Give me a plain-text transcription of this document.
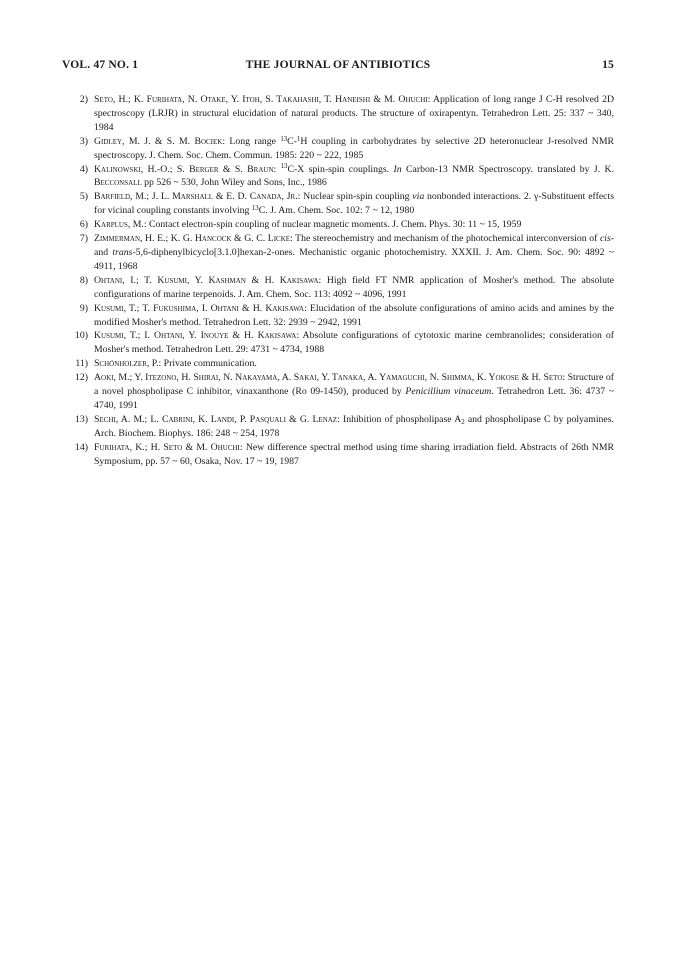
VOL. 47 NO. 1	THE JOURNAL OF ANTIBIOTICS	15
2) Seto, H.; K. Furihata, N. Otake, Y. Itoh, S. Takahashi, T. Haneishi & M. Ohuchi: Application of long range J C-H resolved 2D spectroscopy (LRJR) in structural elucidation of natural products. The structure of oxirapentyn. Tetrahedron Lett. 25: 337 ~ 340, 1984
3) Gidley, M. J. & S. M. Bociek: Long range $^{13}$C-$^1$H coupling in carbohydrates by selective 2D heteronuclear J-resolved NMR spectroscopy. J. Chem. Soc. Chem. Commun. 1985: 220 ~ 222, 1985
4) Kalinowski, H.-O.; S. Berger & S. Braun: $^{13}$C-X spin-spin couplings. In Carbon-13 NMR Spectroscopy. translated by J. K. Becconsall pp 526 ~ 530, John Wiley and Sons, Inc., 1986
5) Barfield, M.; J. L. Marshall & E. D. Canada, Jr.: Nuclear spin-spin coupling via nonbonded interactions. 2. γ-Substituent effects for vicinal coupling constants involving $^{13}$C. J. Am. Chem. Soc. 102: 7 ~ 12, 1980
6) Karplus, M.: Contact electron-spin coupling of nuclear magnetic moments. J. Chem. Phys. 30: 11 ~ 15, 1959
7) Zimmerman, H. E.; K. G. Hancock & G. C. Licke: The stereochemistry and mechanism of the photochemical interconversion of cis- and trans-5,6-diphenylbicyclo[3.1.0]hexan-2-ones. Mechanistic organic photochemistry. XXXII. J. Am. Chem. Soc. 90: 4892 ~ 4911, 1968
8) Ohtani, I.; T. Kusumi, Y. Kashman & H. Kakisawa: High field FT NMR application of Mosher's method. The absolute configurations of marine terpenoids. J. Am. Chem. Soc. 113: 4092 ~ 4096, 1991
9) Kusumi, T.; T. Fukushima, I. Ohtani & H. Kakisawa: Elucidation of the absolute configurations of amino acids and amines by the modified Mosher's method. Tetrahedron Lett. 32: 2939 ~ 2942, 1991
10) Kusumi, T.; I. Ohtani, Y. Inouye & H. Kakisawa: Absolute configurations of cytotoxic marine cembranolides; consideration of Mosher's method. Tetrahedron Lett. 29: 4731 ~ 4734, 1988
11) Schönholzer, P.: Private communication.
12) Aoki, M.; Y. Itezono, H. Shirai, N. Nakayama, A. Sakai, Y. Tanaka, A. Yamaguchi, N. Shimma, K. Yokose & H. Seto: Structure of a novel phospholipase C inhibitor, vinaxanthone (Ro 09-1450), produced by Penicillium vinaceum. Tetrahedron Lett. 36: 4737 ~ 4740, 1991
13) Sechi, A. M.; L. Cabrini, K. Landi, P. Pasquali & G. Lenaz: Inhibition of phospholipase $A_2$ and phospholipase C by polyamines. Arch. Biochem. Biophys. 186: 248 ~ 254, 1978
14) Furihata, K.; H. Seto & M. Ohuchi: New difference spectral method using time sharing irradiation field. Abstracts of 26th NMR Symposium, pp. 57 ~ 60, Osaka, Nov. 17 ~ 19, 1987
